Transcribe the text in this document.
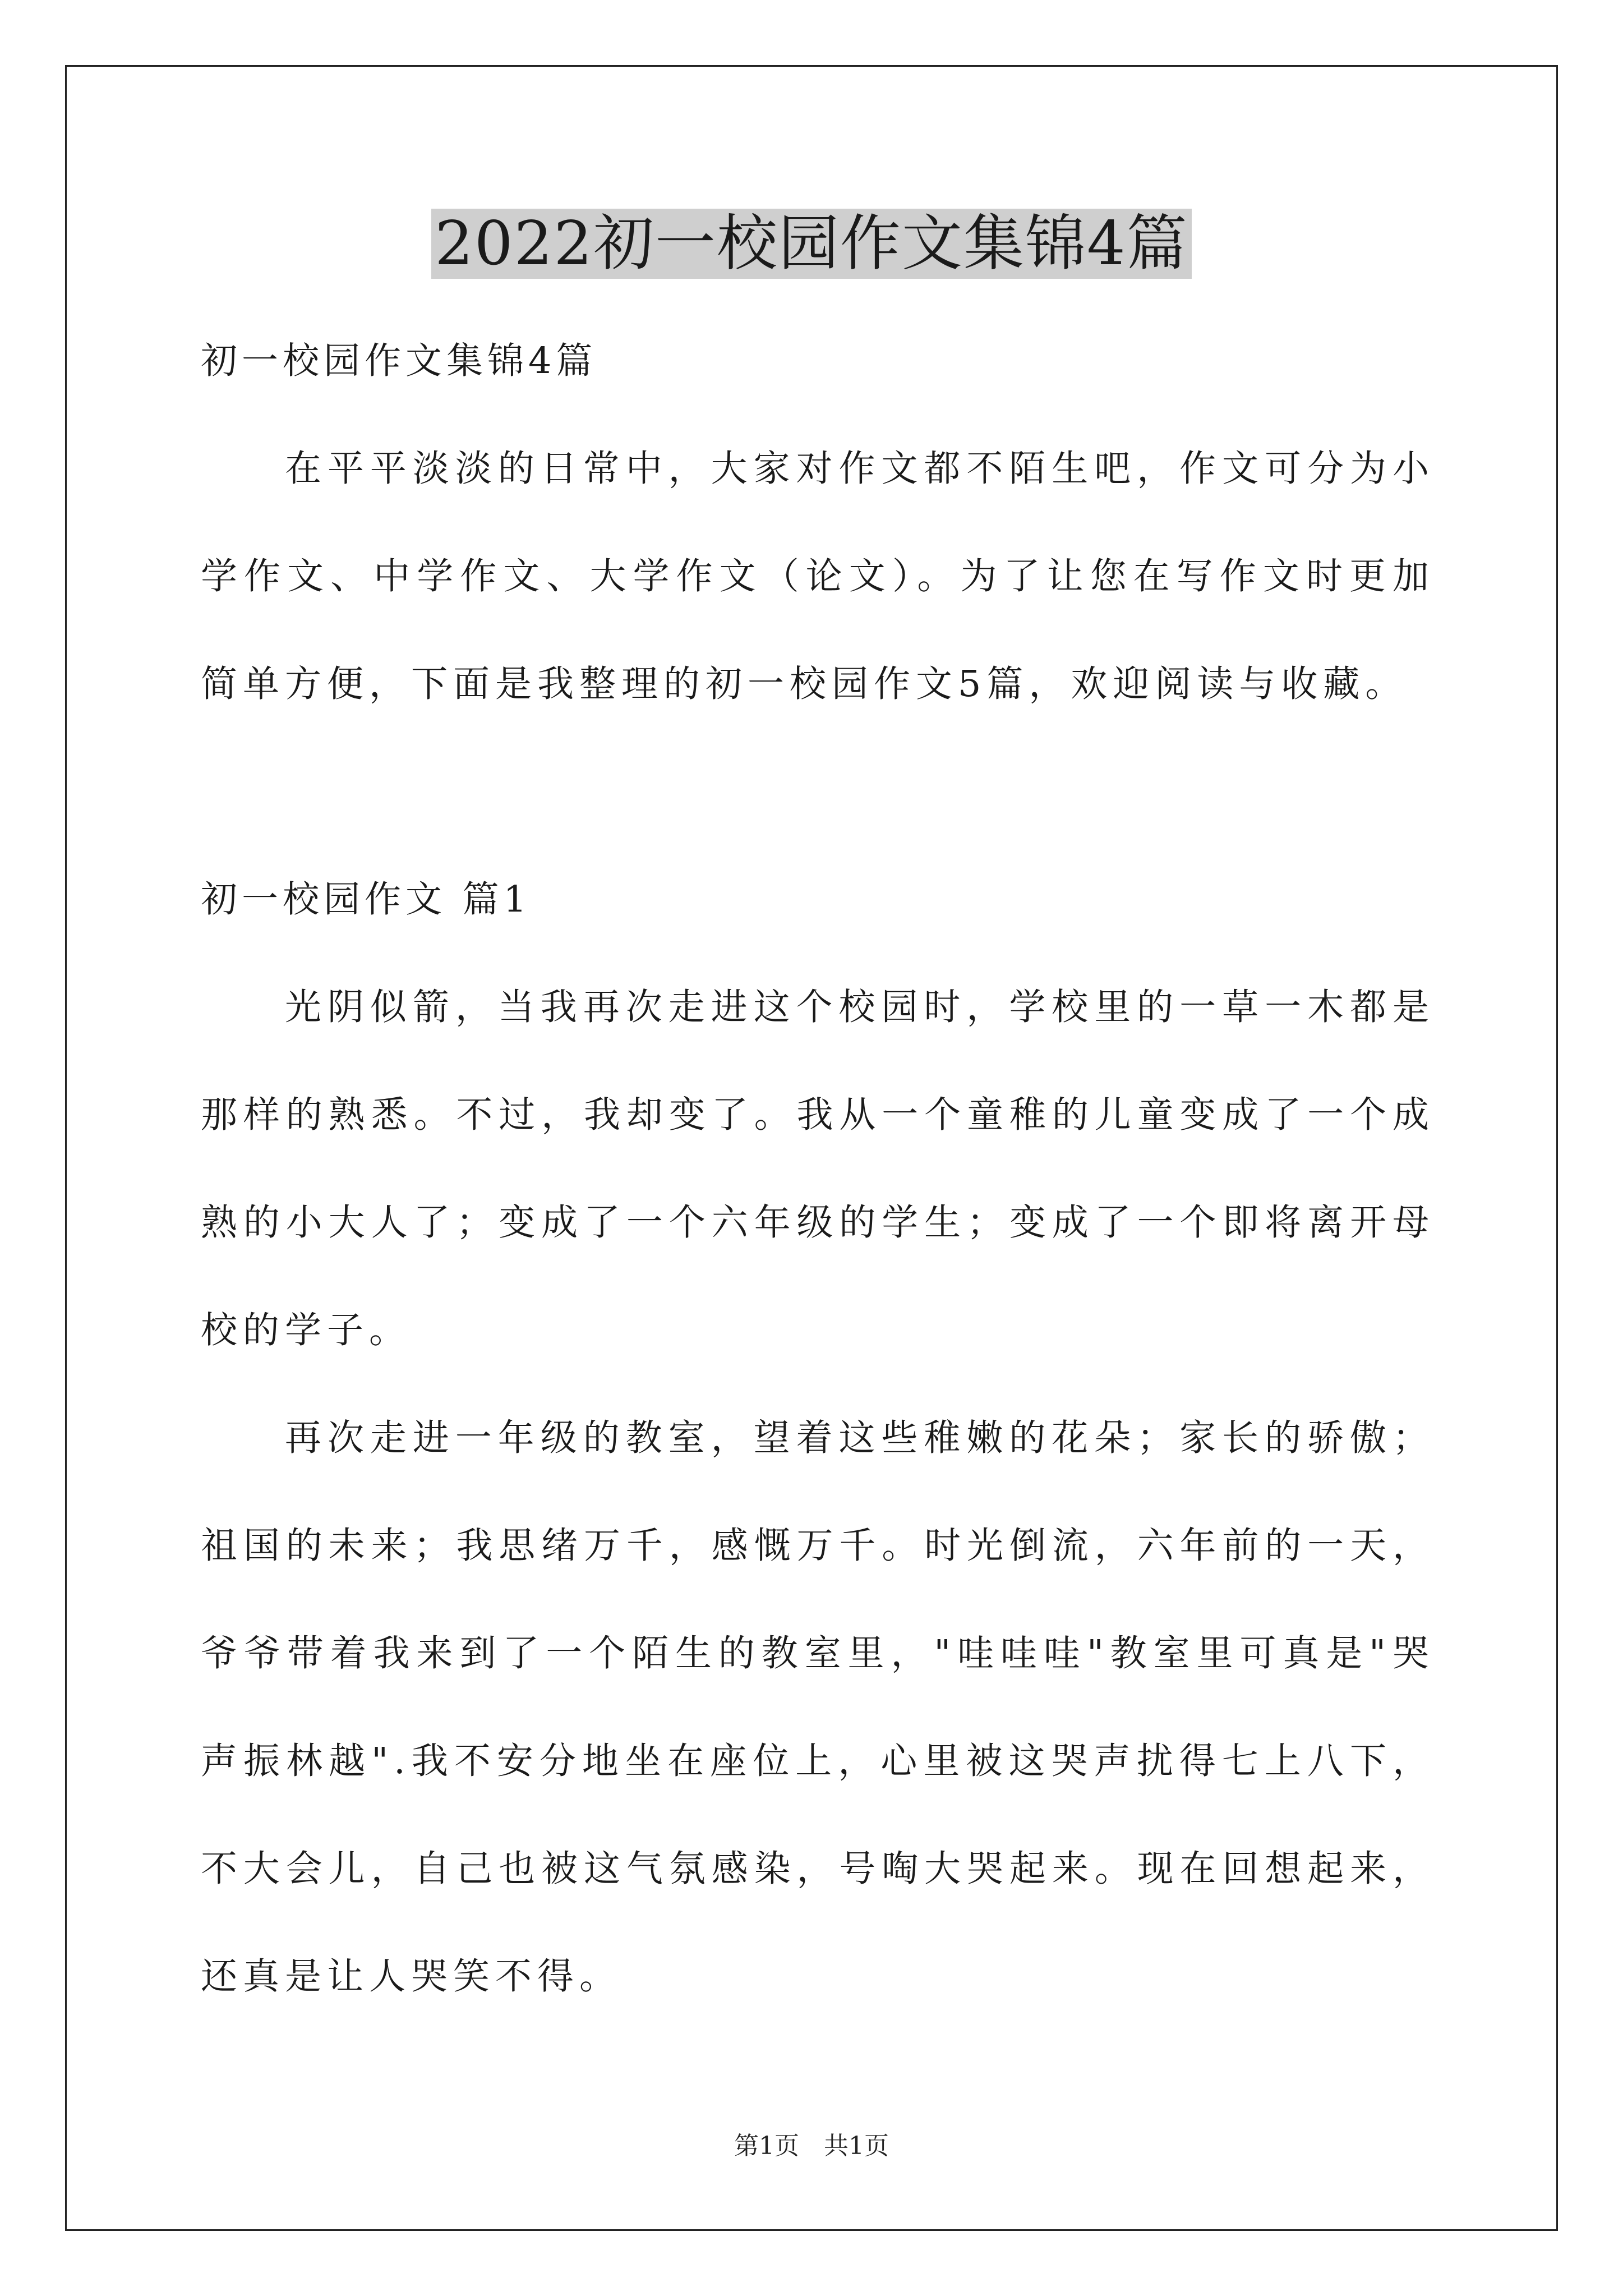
2022初一校园作文集锦4篇

初一校园作文集锦4篇

在平平淡淡的日常中，大家对作文都不陌生吧，作文可分为小学作文、中学作文、大学作文（论文）。为了让您在写作文时更加简单方便，下面是我整理的初一校园作文5篇，欢迎阅读与收藏。

初一校园作文 篇1

光阴似箭，当我再次走进这个校园时，学校里的一草一木都是那样的熟悉。不过，我却变了。我从一个童稚的儿童变成了一个成熟的小大人了；变成了一个六年级的学生；变成了一个即将离开母校的学子。

再次走进一年级的教室，望着这些稚嫩的花朵；家长的骄傲；祖国的未来；我思绪万千，感慨万千。时光倒流，六年前的一天，爷爷带着我来到了一个陌生的教室里，"哇哇哇"教室里可真是"哭声振林越".我不安分地坐在座位上，心里被这哭声扰得七上八下，不大会儿，自己也被这气氛感染，号啕大哭起来。现在回想起来，还真是让人哭笑不得。

第1页 共1页
